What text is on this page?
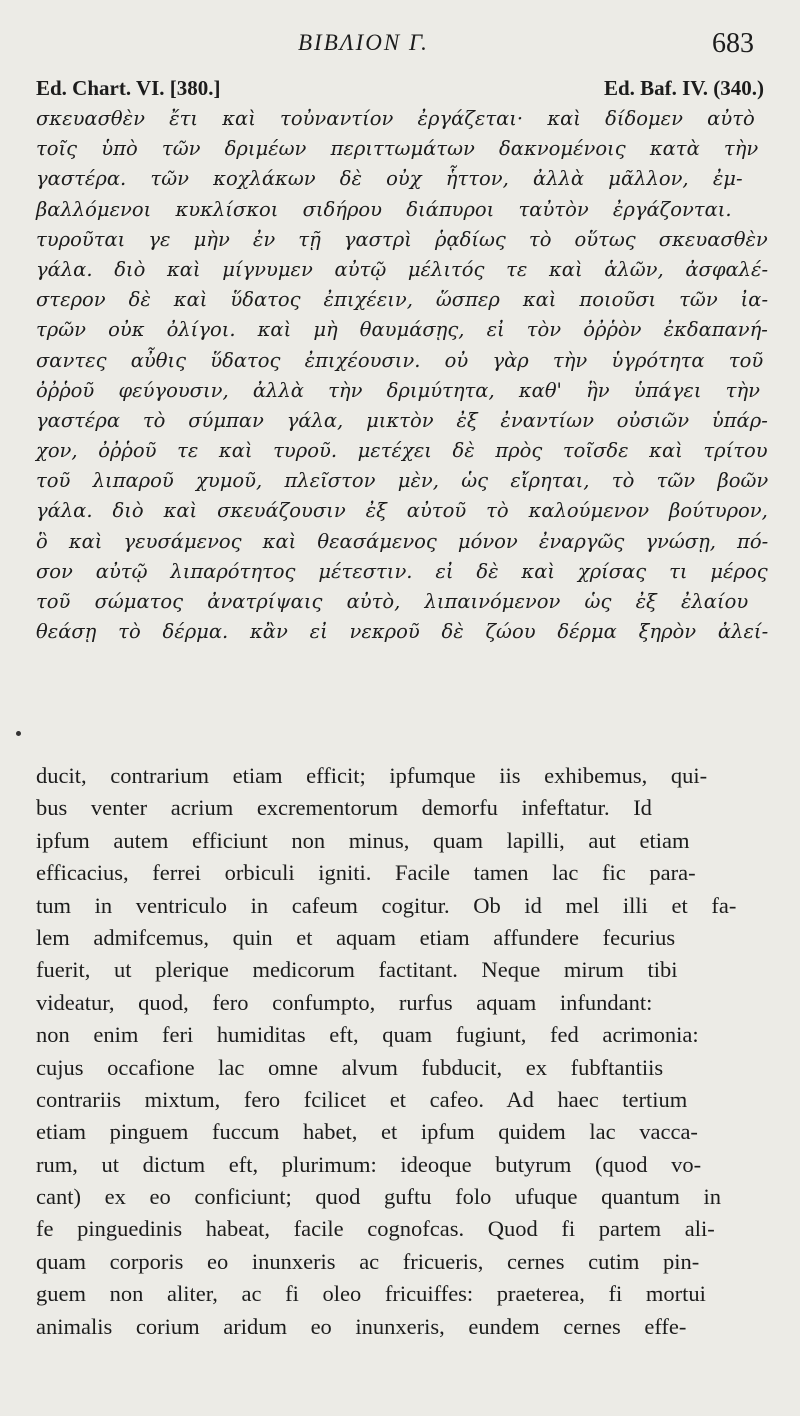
BIBΛIOΝ Γ.	683
Ed. Chart. VI. [380.]	Ed. Baf. IV. (340.)
σκευασθὲν ἔτι καὶ τοὐναντίον ἐργάζεται· καὶ δίδομεν αὐτὸ
τοῖς ὑπὸ τῶν δριμέων περιττωμάτων δακνομένοις κατὰ τὴν
γαστέρα. τῶν κοχλάκων δὲ οὐχ ἧττον, ἀλλὰ μᾶλλον, ἐμ-
βαλλόμενοι κυκλίσκοι σιδήρου διάπυροι ταὐτὸν ἐργάζονται.
τυροῦται γε μὴν ἐν τῇ γαστρὶ ῥᾳδίως τὸ οὕτως σκευασθὲν
γάλα. διὸ καὶ μίγνυμεν αὐτῷ μέλιτός τε καὶ ἁλῶν, ἀσφαλέ-
στερον δὲ καὶ ὕδατος ἐπιχέειν, ὥσπερ καὶ ποιοῦσι τῶν ἰα-
τρῶν οὐκ ὀλίγοι. καὶ μὴ θαυμάσῃς, εἰ τὸν ὀῤῥὸν ἐκδαπανή-
σαντες αὖθις ὕδατος ἐπιχέουσιν. οὐ γὰρ τὴν ὑγρότητα τοῦ
ὀῤῥοῦ φεύγουσιν, ἀλλὰ τὴν δριμύτητα, καθ' ἣν ὑπάγει τὴν
γαστέρα τὸ σύμπαν γάλα, μικτὸν ἐξ ἐναντίων οὐσιῶν ὑπάρ-
χον, ὀῤῥοῦ τε καὶ τυροῦ. μετέχει δὲ πρὸς τοῖσδε καὶ τρίτου
τοῦ λιπαροῦ χυμοῦ, πλεῖστον μὲν, ὡς εἴρηται, τὸ τῶν βοῶν
γάλα. διὸ καὶ σκευάζουσιν ἐξ αὐτοῦ τὸ καλούμενον βούτυρον,
ὃ καὶ γευσάμενος καὶ θεασάμενος μόνον ἐναργῶς γνώσῃ, πό-
σον αὐτῷ λιπαρότητος μέτεστιν. εἰ δὲ καὶ χρίσας τι μέρος
τοῦ σώματος ἀνατρίψαις αὐτὸ, λιπαινόμενον ὡς ἐξ ἐλαίου
θεάσῃ τὸ δέρμα. κἂν εἰ νεκροῦ δὲ ζώου δέρμα ξηρὸν ἀλεί-
ducit, contrarium etiam efficit; ipfumque iis exhibemus, qui-
bus venter acrium excrementorum demorfu infeftatur. Id
ipfum autem efficiunt non minus, quam lapilli, aut etiam
efficacius, ferrei orbiculi igniti. Facile tamen lac fic para-
tum in ventriculo in cafeum cogitur. Ob id mel illi et fa-
lem admifcemus, quin et aquam etiam affundere fecurius
fuerit, ut plerique medicorum factitant. Neque mirum tibi
videatur, quod, fero confumpto, rurfus aquam infundant:
non enim feri humiditas eft, quam fugiunt, fed acrimonia:
cujus occafione lac omne alvum fubducit, ex fubftantiis
contrariis mixtum, fero fcilicet et cafeo. Ad haec tertium
etiam pinguem fuccum habet, et ipfum quidem lac vacca-
rum, ut dictum eft, plurimum: ideoque butyrum (quod vo-
cant) ex eo conficiunt; quod guftu folo ufuque quantum in
fe pinguedinis habeat, facile cognofcas. Quod fi partem ali-
quam corporis eo inunxeris ac fricueris, cernes cutim pin-
guem non aliter, ac fi oleo fricuiffes: praeterea, fi mortui
animalis corium aridum eo inunxeris, eundem cernes effe-
